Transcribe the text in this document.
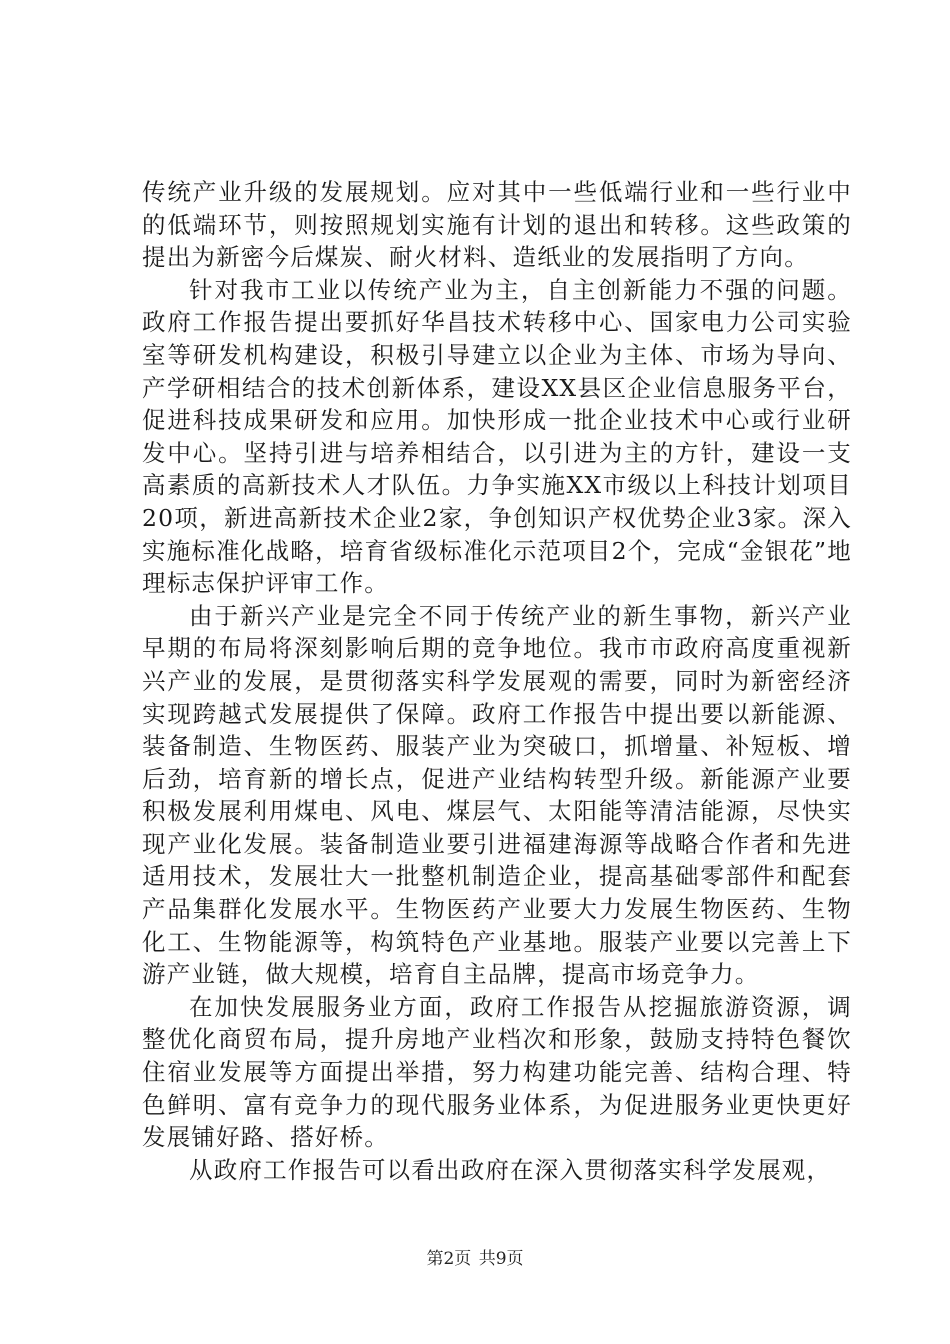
传统产业升级的发展规划。应对其中一些低端行业和一些行业中的低端环节，则按照规划实施有计划的退出和转移。这些政策的提出为新密今后煤炭、耐火材料、造纸业的发展指明了方向。

针对我市工业以传统产业为主，自主创新能力不强的问题。政府工作报告提出要抓好华昌技术转移中心、国家电力公司实验室等研发机构建设，积极引导建立以企业为主体、市场为导向、产学研相结合的技术创新体系，建设XX县区企业信息服务平台，促进科技成果研发和应用。加快形成一批企业技术中心或行业研发中心。坚持引进与培养相结合，以引进为主的方针，建设一支高素质的高新技术人才队伍。力争实施XX市级以上科技计划项目20项，新进高新技术企业2家，争创知识产权优势企业3家。深入实施标准化战略，培育省级标准化示范项目2个，完成“金银花”地理标志保护评审工作。

由于新兴产业是完全不同于传统产业的新生事物，新兴产业早期的布局将深刻影响后期的竞争地位。我市市政府高度重视新兴产业的发展，是贯彻落实科学发展观的需要，同时为新密经济实现跨越式发展提供了保障。政府工作报告中提出要以新能源、装备制造、生物医药、服装产业为突破口，抓增量、补短板、增后劲，培育新的增长点，促进产业结构转型升级。新能源产业要积极发展利用煤电、风电、煤层气、太阳能等清洁能源，尽快实现产业化发展。装备制造业要引进福建海源等战略合作者和先进适用技术，发展壮大一批整机制造企业，提高基础零部件和配套产品集群化发展水平。生物医药产业要大力发展生物医药、生物化工、生物能源等，构筑特色产业基地。服装产业要以完善上下游产业链，做大规模，培育自主品牌，提高市场竞争力。

在加快发展服务业方面，政府工作报告从挖掘旅游资源，调整优化商贸布局，提升房地产业档次和形象，鼓励支持特色餐饮住宿业发展等方面提出举措，努力构建功能完善、结构合理、特色鲜明、富有竞争力的现代服务业体系，为促进服务业更快更好发展铺好路、搭好桥。

从政府工作报告可以看出政府在深入贯彻落实科学发展观，

第2页 共9页
